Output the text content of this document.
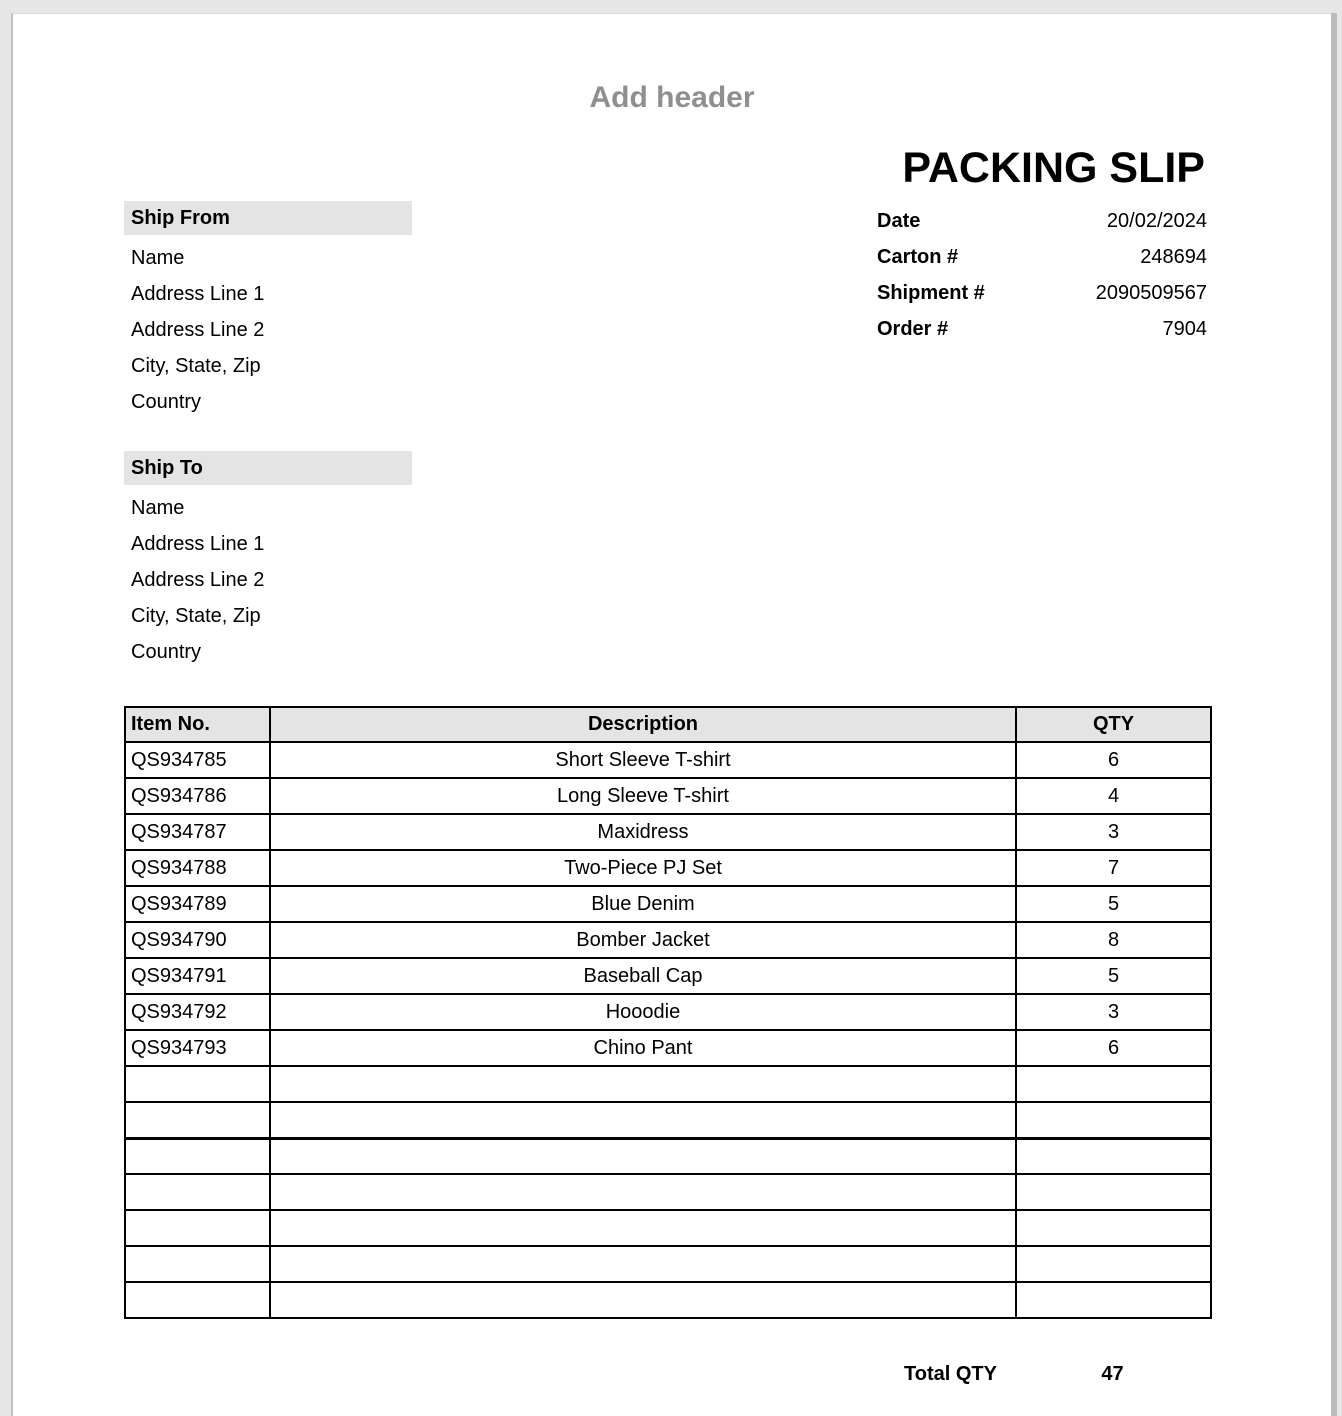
Add header
PACKING SLIP
Ship From
Name
Address Line 1
Address Line 2
City, State, Zip
Country
Date	20/02/2024
Carton #	248694
Shipment #	2090509567
Order #	7904
Ship To
Name
Address Line 1
Address Line 2
City, State, Zip
Country
Item No.	Description	QTY
QS934785	Short Sleeve T-shirt	6
QS934786	Long Sleeve T-shirt	4
QS934787	Maxidress	3
QS934788	Two-Piece PJ Set	7
QS934789	Blue Denim	5
QS934790	Bomber Jacket	8
QS934791	Baseball Cap	5
QS934792	Hooodie	3
QS934793	Chino Pant	6

Total QTY	47
